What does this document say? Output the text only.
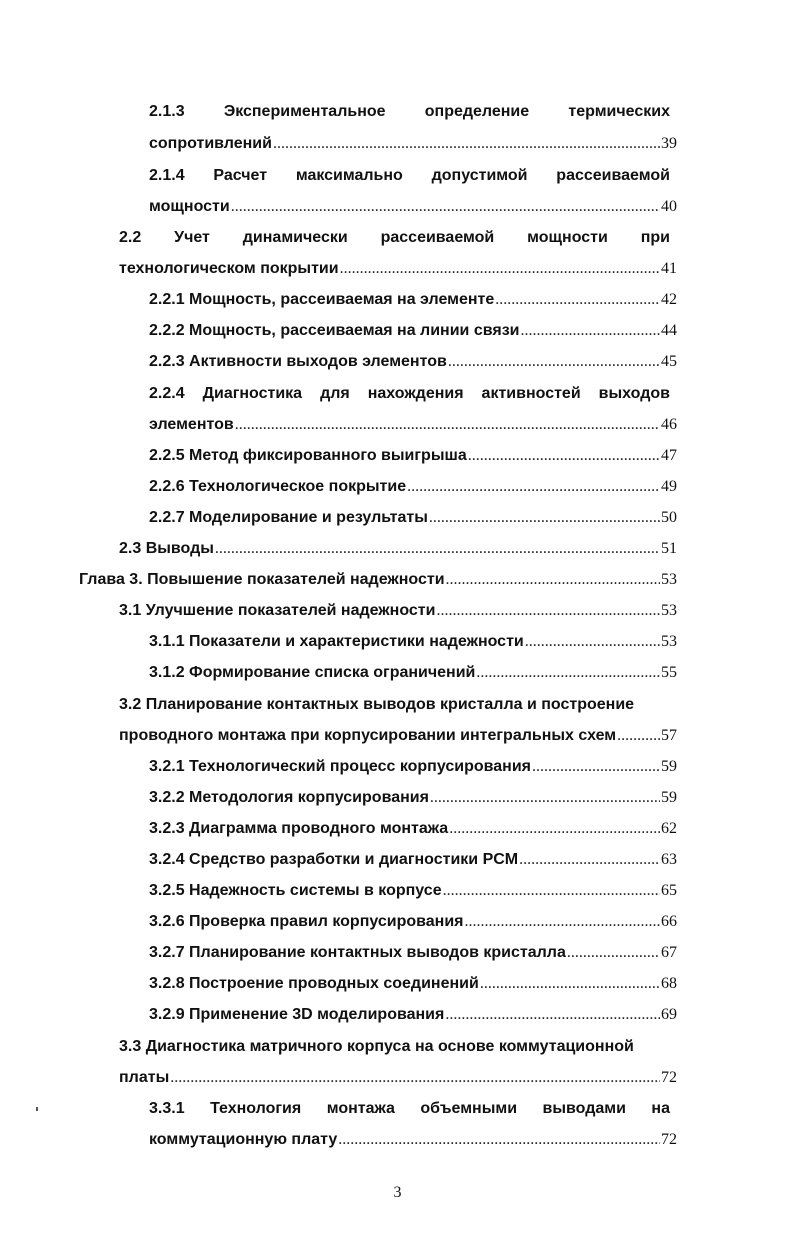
2.1.3 Экспериментальное определение термических
сопротивлений .....	39
2.1.4 Расчет максимально допустимой рассеиваемой
мощности .....	40
2.2 Учет динамически рассеиваемой мощности при
технологическом покрытии .....	41
2.2.1 Мощность, рассеиваемая на элементе .....	42
2.2.2 Мощность, рассеиваемая на линии связи .....	44
2.2.3 Активности выходов элементов .....	45
2.2.4 Диагностика для нахождения активностей выходов
элементов .....	46
2.2.5 Метод фиксированного выигрыша .....	47
2.2.6 Технологическое покрытие .....	49
2.2.7 Моделирование и результаты .....	50
2.3 Выводы .....	51
Глава 3. Повышение показателей надежности .....	53
3.1 Улучшение показателей надежности .....	53
3.1.1 Показатели и характеристики надежности .....	53
3.1.2 Формирование списка ограничений .....	55
3.2 Планирование контактных выводов кристалла и построение
проводного монтажа при корпусировании интегральных схем .....	57
3.2.1 Технологический процесс корпусирования .....	59
3.2.2 Методология корпусирования .....	59
3.2.3 Диаграмма проводного монтажа .....	62
3.2.4 Средство разработки и диагностики PCM .....	63
3.2.5 Надежность системы в корпусе .....	65
3.2.6 Проверка правил корпусирования .....	66
3.2.7 Планирование контактных выводов кристалла .....	67
3.2.8 Построение проводных соединений .....	68
3.2.9 Применение 3D моделирования .....	69
3.3 Диагностика матричного корпуса на основе коммутационной
платы .....	72
3.3.1 Технология монтажа объемными выводами на
коммутационную плату .....	72
3
